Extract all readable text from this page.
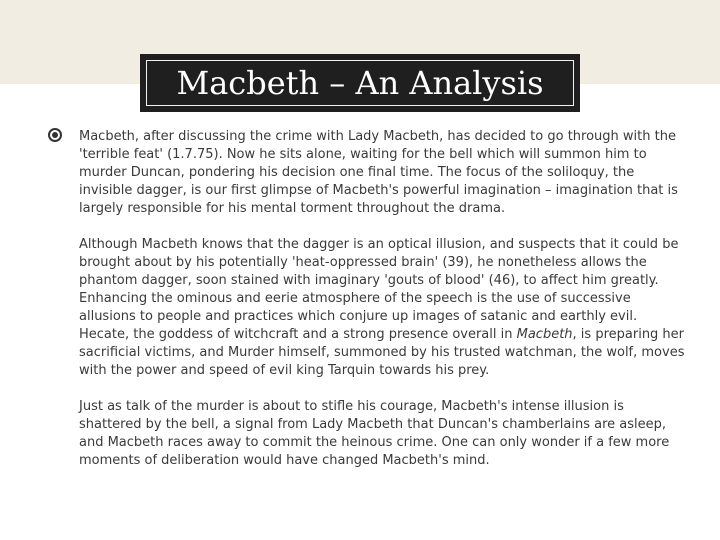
Macbeth – An Analysis

Macbeth, after discussing the crime with Lady Macbeth, has decided to go through with the 'terrible feat' (1.7.75). Now he sits alone, waiting for the bell which will summon him to murder Duncan, pondering his decision one final time. The focus of the soliloquy, the invisible dagger, is our first glimpse of Macbeth's powerful imagination – imagination that is largely responsible for his mental torment throughout the drama.

Although Macbeth knows that the dagger is an optical illusion, and suspects that it could be brought about by his potentially 'heat-oppressed brain' (39), he nonetheless allows the phantom dagger, soon stained with imaginary 'gouts of blood' (46), to affect him greatly. Enhancing the ominous and eerie atmosphere of the speech is the use of successive allusions to people and practices which conjure up images of satanic and earthly evil. Hecate, the goddess of witchcraft and a strong presence overall in Macbeth, is preparing her sacrificial victims, and Murder himself, summoned by his trusted watchman, the wolf, moves with the power and speed of evil king Tarquin towards his prey.

Just as talk of the murder is about to stifle his courage, Macbeth's intense illusion is shattered by the bell, a signal from Lady Macbeth that Duncan's chamberlains are asleep, and Macbeth races away to commit the heinous crime. One can only wonder if a few more moments of deliberation would have changed Macbeth's mind.
